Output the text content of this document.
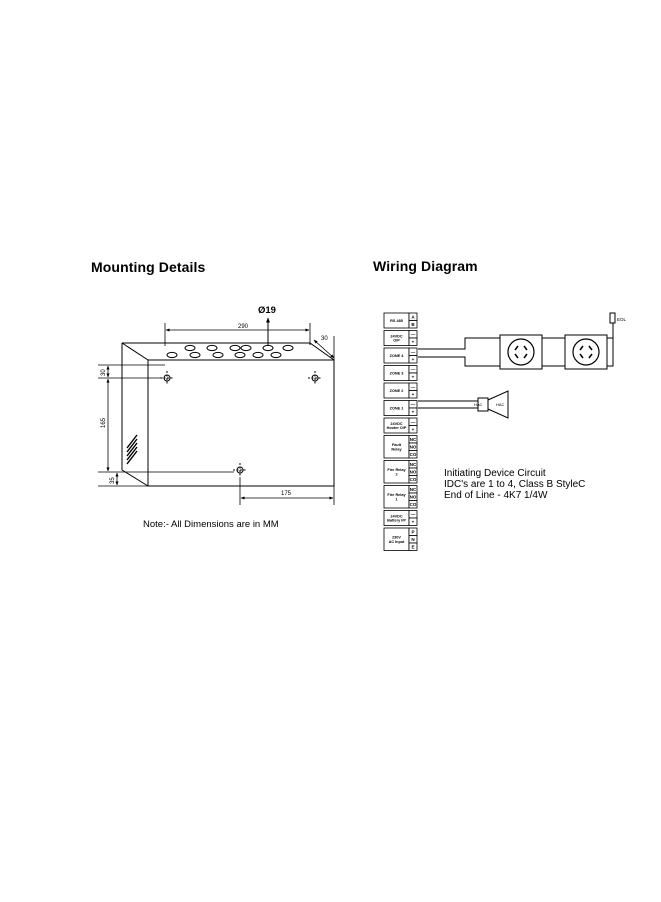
Mounting Details	Wiring Diagram
Ø19
290
30
30
165
35
175
RS 485
A
B
24VDC
O/P
—
+
ZONE 4
—
+
ZONE 3
—
+
ZONE 2
—
+
ZONE 1
—
+
24VDC
Hooter O/P
—
+
Fault
Relay
NC
NO
CO
Fire Relay
2
NC
NO
CO
Fire Relay
1
NC
NO
CO
24VDC
Battery I/P
—
+
230V
AC Input
P
N
E
EOL
HAC	HAC
Note:- All Dimensions are in MM
Initiating Device Circuit
IDC's are 1 to 4, Class B StyleC
End of Line - 4K7 1/4W
